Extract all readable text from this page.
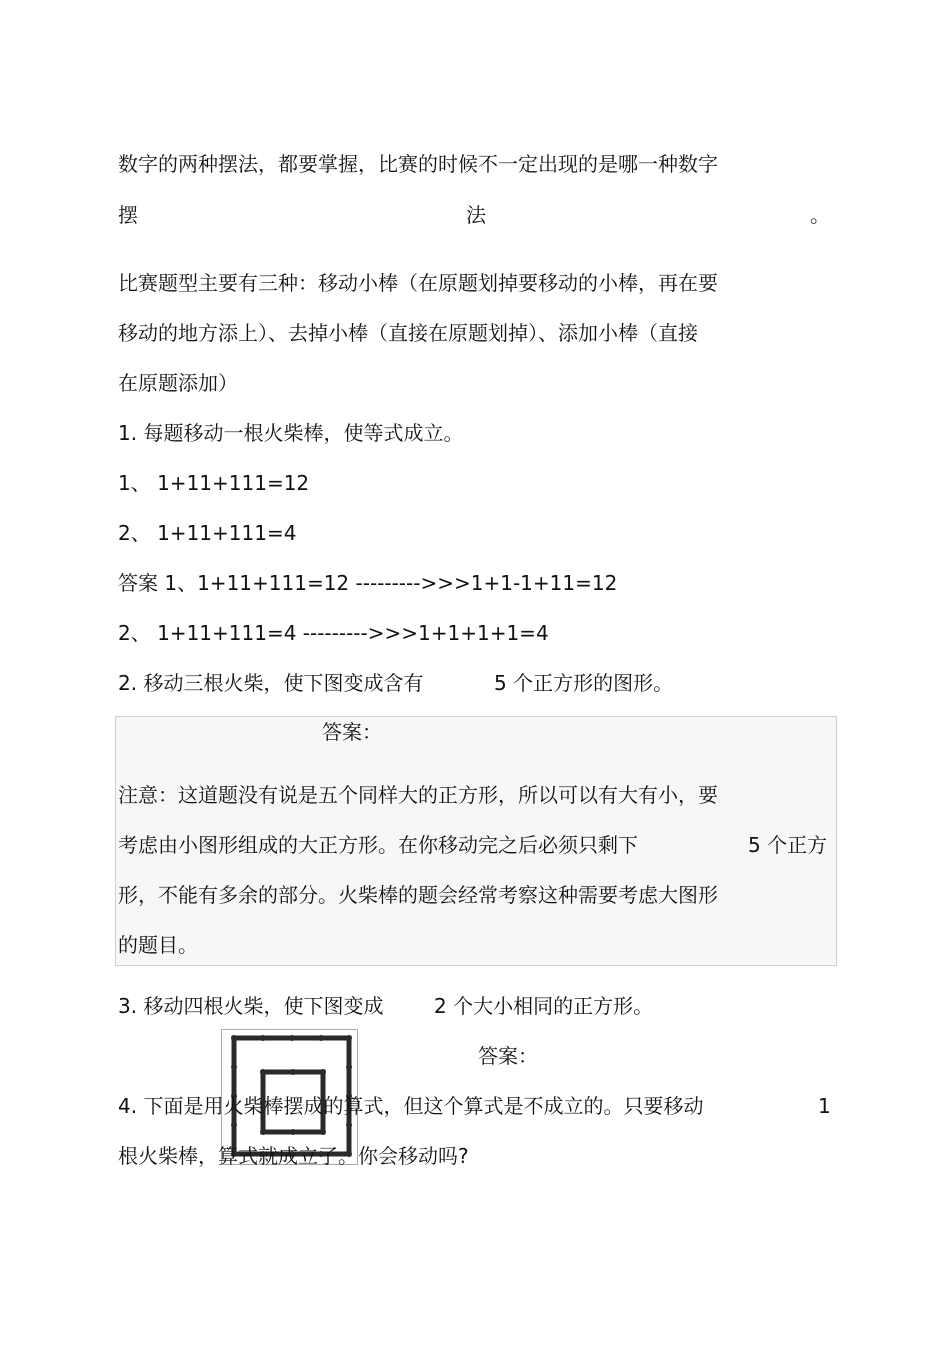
数字的两种摆法，都要掌握，比赛的时候不一定出现的是哪一种数字
摆	法	。
比赛题型主要有三种：移动小棒（在原题划掉要移动的小棒，再在要
移动的地方添上）、去掉小棒（直接在原题划掉）、添加小棒（直接
在原题添加）
1. 每题移动一根火柴棒，使等式成立。
1、 1+11+111=12
2、 1+11+111=4
答案 1、1+11+111=12 --------->>>1+1-1+11=12
2、 1+11+111=4 --------->>>1+1+1+1=4
2. 移动三根火柴，使下图变成含有	5 个正方形的图形。
答案：
注意：这道题没有说是五个同样大的正方形，所以可以有大有小，要
考虑由小图形组成的大正方形。在你移动完之后必须只剩下	5 个正方
形，不能有多余的部分。火柴棒的题会经常考察这种需要考虑大图形
的题目。
3. 移动四根火柴，使下图变成	2 个大小相同的正方形。
答案：
4. 下面是用火柴棒摆成的算式，但这个算式是不成立的。只要移动	1
根火柴棒，算式就成立了。你会移动吗?
